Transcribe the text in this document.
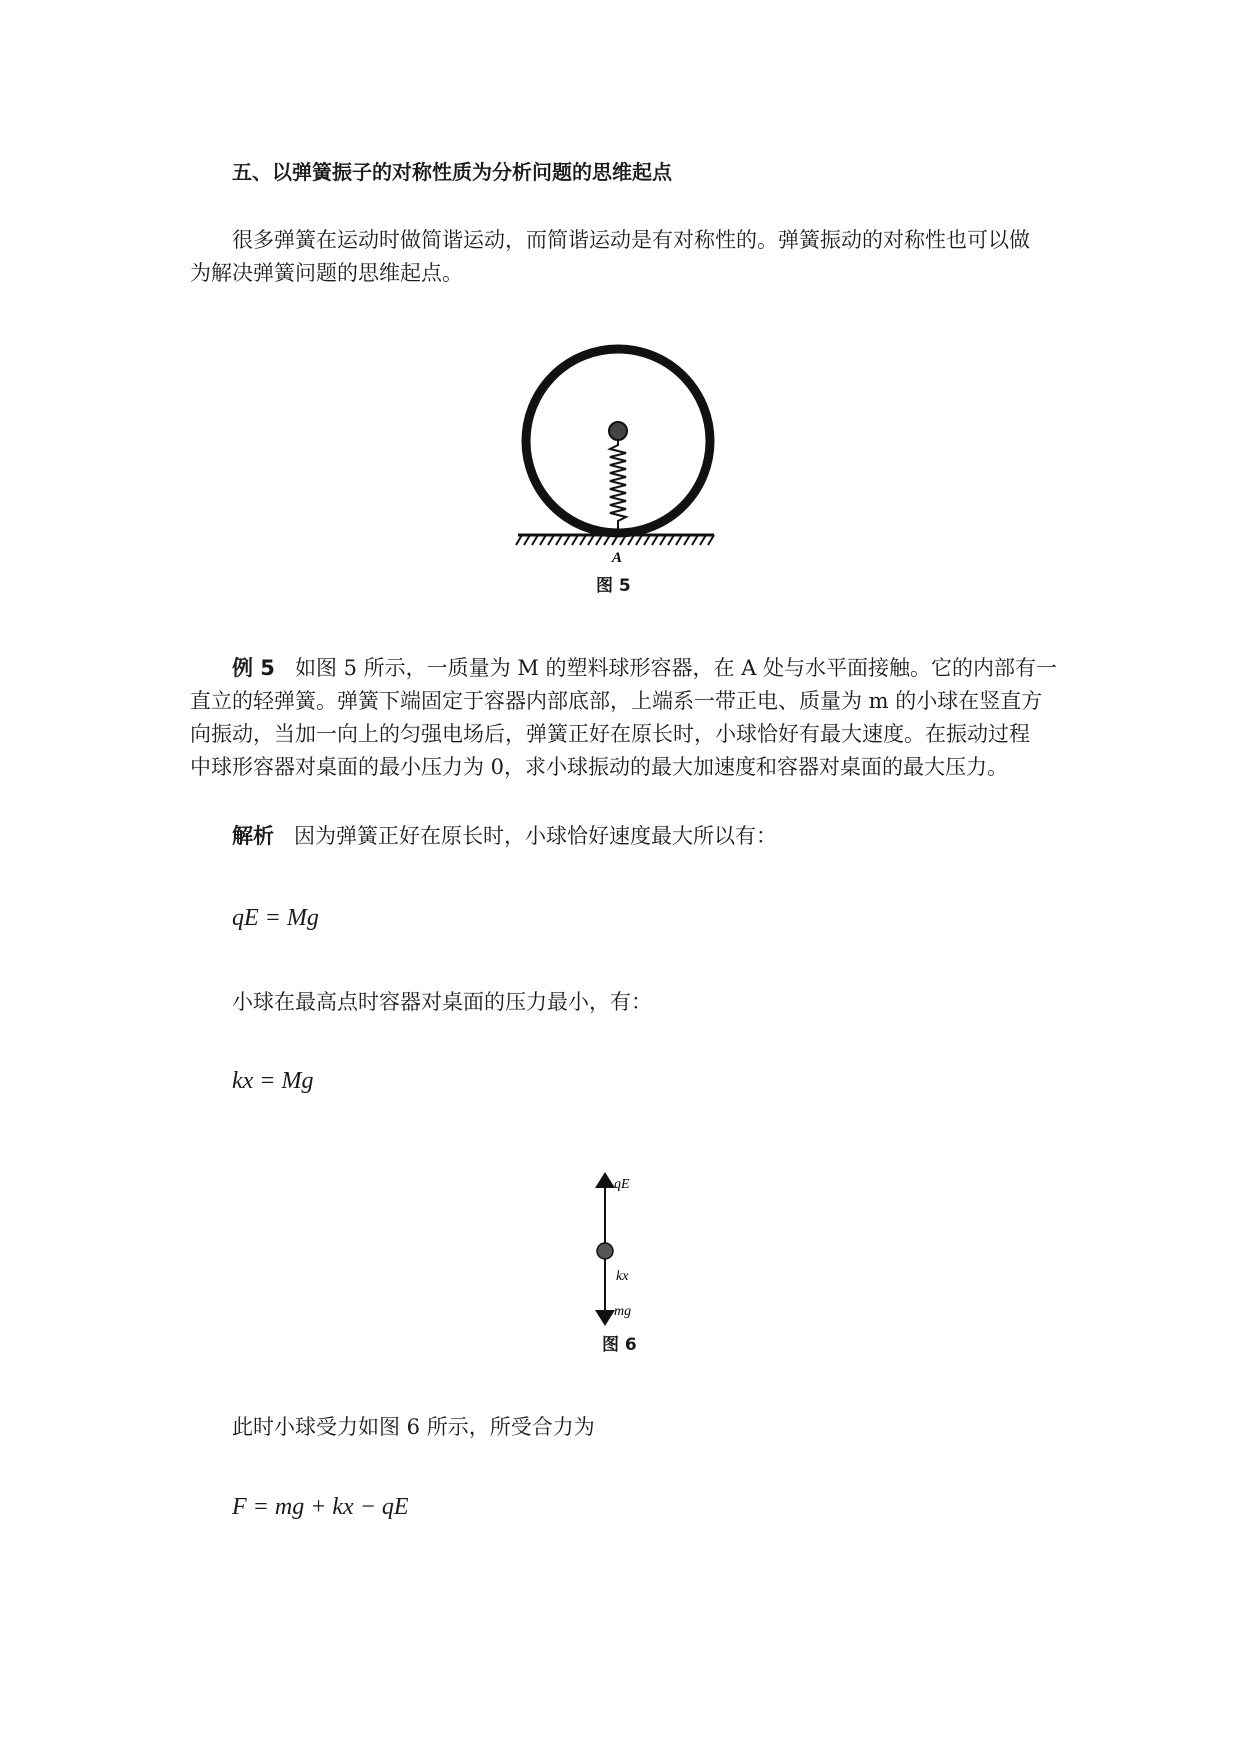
五、以弹簧振子的对称性质为分析问题的思维起点
很多弹簧在运动时做简谐运动，而简谐运动是有对称性的。弹簧振动的对称性也可以做
为解决弹簧问题的思维起点。
A
图 5
例 5 如图 5 所示，一质量为 M 的塑料球形容器，在 A 处与水平面接触。它的内部有一
直立的轻弹簧。弹簧下端固定于容器内部底部，上端系一带正电、质量为 m 的小球在竖直方
向振动，当加一向上的匀强电场后，弹簧正好在原长时，小球恰好有最大速度。在振动过程
中球形容器对桌面的最小压力为 0，求小球振动的最大加速度和容器对桌面的最大压力。
解析 因为弹簧正好在原长时，小球恰好速度最大所以有：
qE = Mg
小球在最高点时容器对桌面的压力最小，有：
kx = Mg
qE
kx
mg
图 6
此时小球受力如图 6 所示，所受合力为
F = mg + kx − qE
